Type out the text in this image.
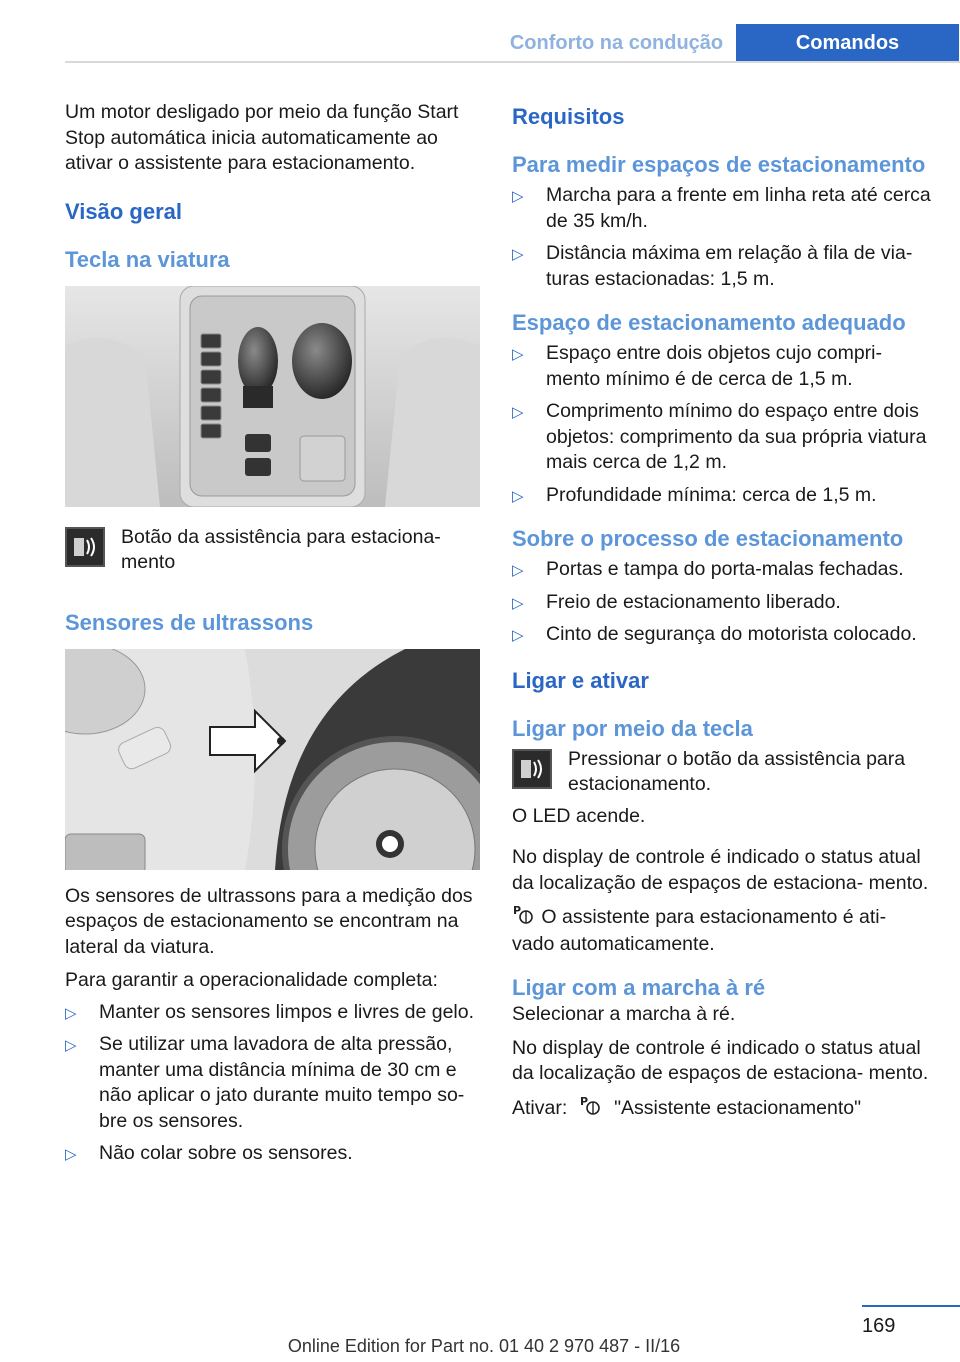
Conforto na condução	Comandos

Um motor desligado por meio da função Start Stop automática inicia automaticamente ao ativar o assistente para estacionamento.

Visão geral
Tecla na viatura

Botão da assistência para estaciona- mento

Sensores de ultrassons

Os sensores de ultrassons para a medição dos espaços de estacionamento se encontram na lateral da viatura.

Para garantir a operacionalidade completa:

▷ Manter os sensores limpos e livres de gelo.
▷ Se utilizar uma lavadora de alta pressão, manter uma distância mínima de 30 cm e não aplicar o jato durante muito tempo so- bre os sensores.
▷ Não colar sobre os sensores.
Requisitos
Para medir espaços de estacionamento
▷ Marcha para a frente em linha reta até cerca de 35 km/h.
▷ Distância máxima em relação à fila de via- turas estacionadas: 1,5 m.
Espaço de estacionamento adequado
▷ Espaço entre dois objetos cujo compri- mento mínimo é de cerca de 1,5 m.
▷ Comprimento mínimo do espaço entre dois objetos: comprimento da sua própria viatura mais cerca de 1,2 m.
▷ Profundidade mínima: cerca de 1,5 m.
Sobre o processo de estacionamento
▷ Portas e tampa do porta-malas fechadas.
▷ Freio de estacionamento liberado.
▷ Cinto de segurança do motorista colocado.
Ligar e ativar
Ligar por meio da tecla

Pressionar o botão da assistência para estacionamento.

O LED acende.

No display de controle é indicado o status atual da localização de espaços de estaciona- mento.

P O assistente para estacionamento é ati- vado automaticamente.

Ligar com a marcha à ré

Selecionar a marcha à ré.

No display de controle é indicado o status atual da localização de espaços de estaciona- mento.

Ativar: P "Assistente estacionamento"

169
Online Edition for Part no. 01 40 2 970 487 - II/16
